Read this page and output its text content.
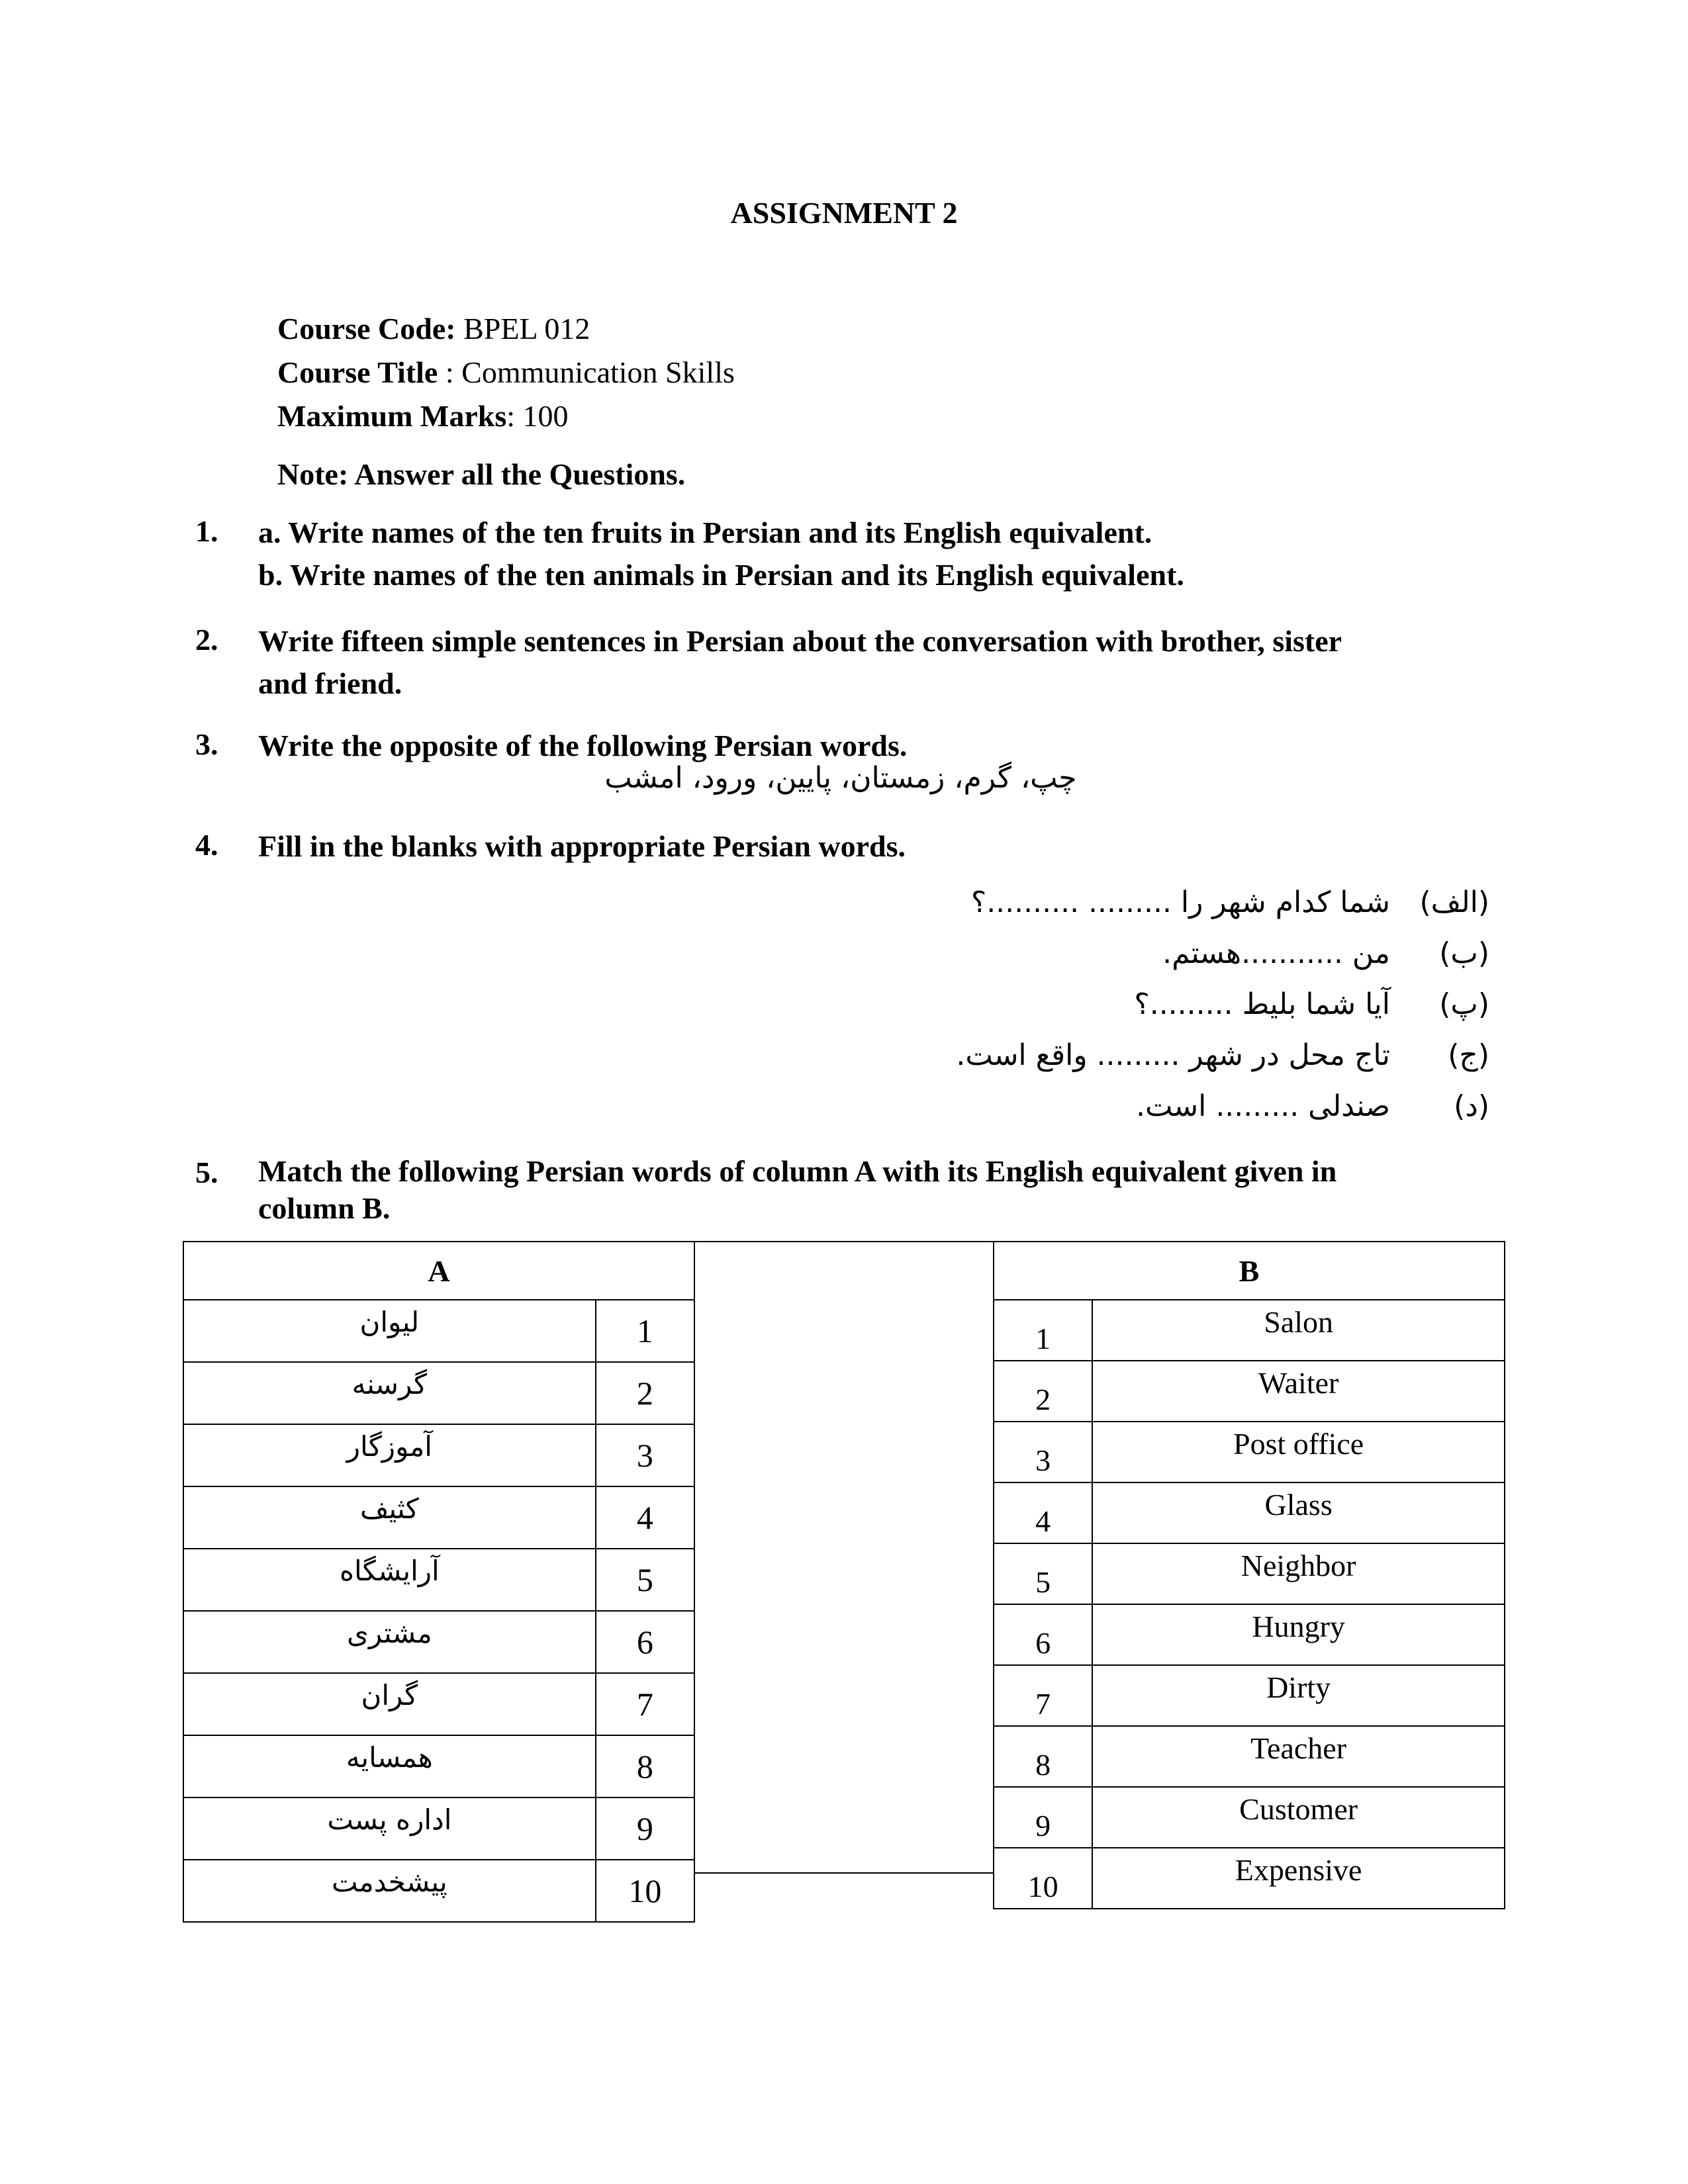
ASSIGNMENT 2
Course Code: BPEL 012
Course Title : Communication Skills
Maximum Marks: 100
Note: Answer all the Questions.
1. a. Write names of the ten fruits in Persian and its English equivalent.
b. Write names of the ten animals in Persian and its English equivalent.
2. Write fifteen simple sentences in Persian about the conversation with brother, sister
and friend.
3. Write the opposite of the following Persian words.
چپ، گرم، زمستان، پایین، ورود، امشب
4. Fill in the blanks with appropriate Persian words.
(الف)
شما کدام شهر را ......... ..........؟
(ب)
من ...........هستم.
(پ)
آیا شما بلیط .........؟
(ج)
تاج محل در شهر ......... واقع است.
(د)
صندلی ......... است.
5. Match the following Persian words of column A with its English equivalent given in
column B.
A	
لیوان	1
گرسنه	2
آموزگار	3
کثیف	4
آرایشگاه	5
مشتری	6
گران	7
همسایه	8
اداره پست	9
پیشخدمت	10
B	
1	Salon
2	Waiter
3	Post office
4	Glass
5	Neighbor
6	Hungry
7	Dirty
8	Teacher
9	Customer
10	Expensive
